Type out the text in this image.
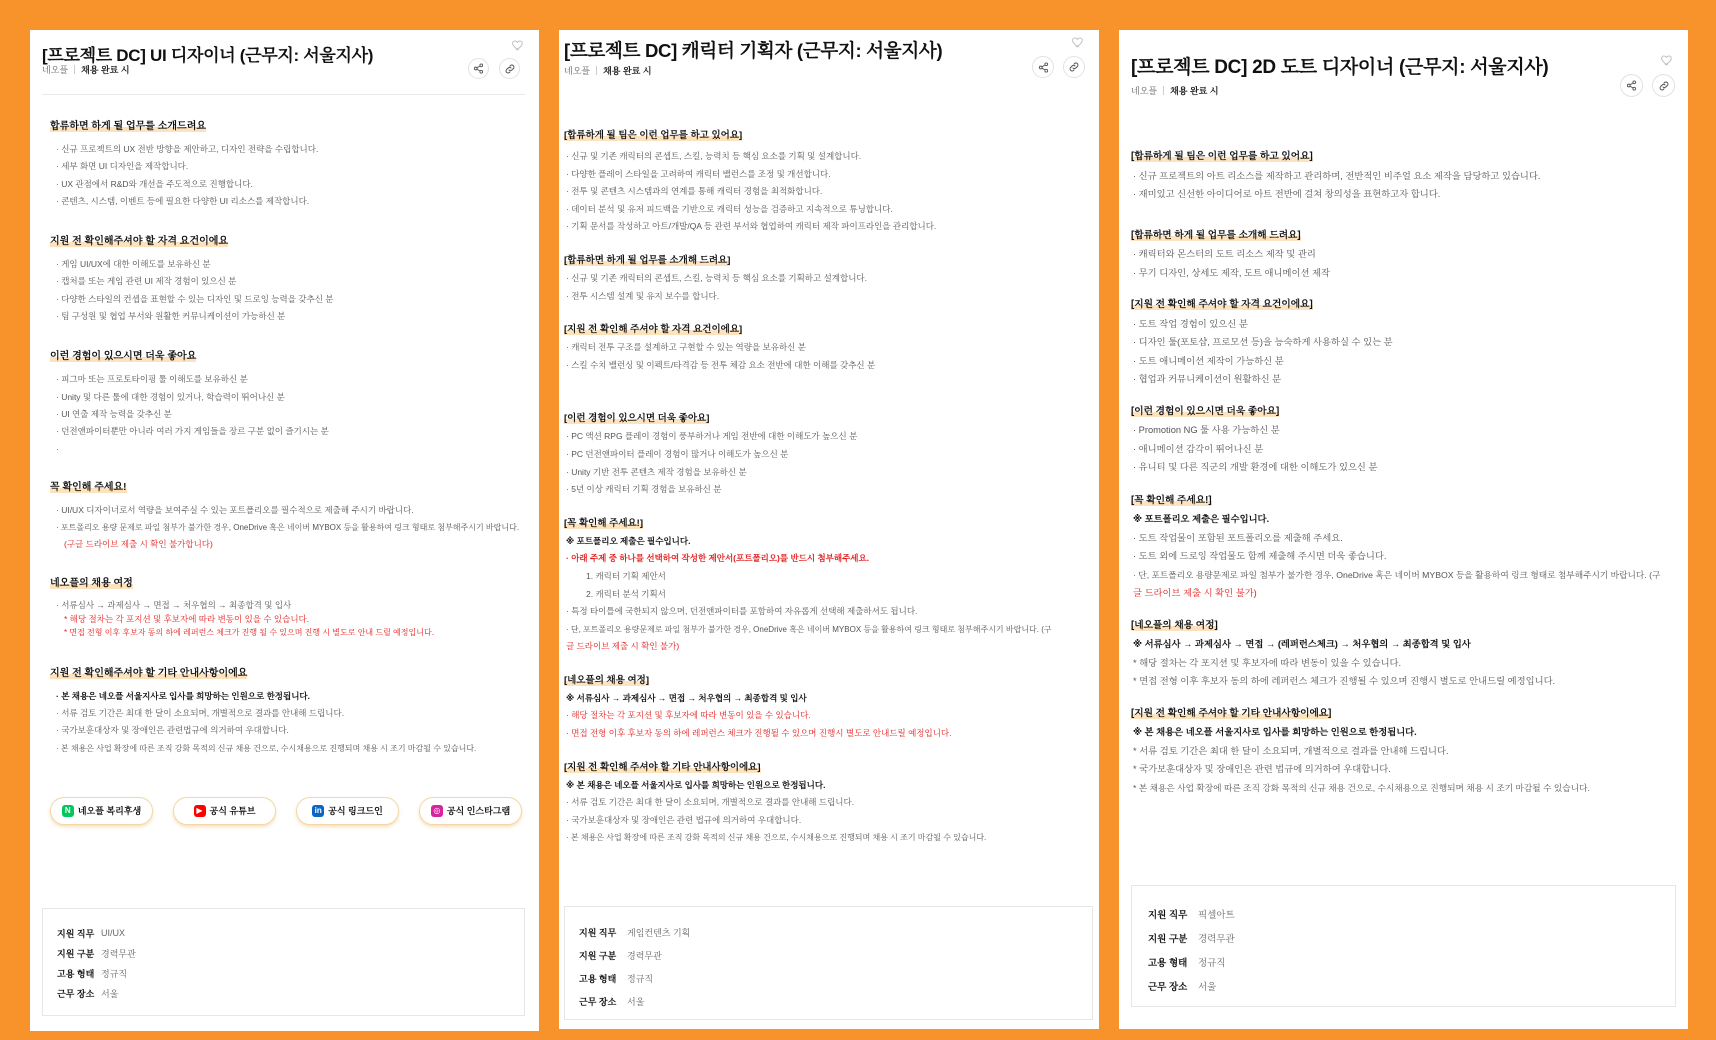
[프로젝트 DC] UI 디자이너 (근무지: 서울지사)
네오플 채용 완료 시
합류하면 하게 될 업무를 소개드려요
· 신규 프로젝트의 UX 전반 방향을 제안하고, 디자인 전략을 수립합니다.
· 세부 화면 UI 디자인을 제작합니다.
· UX 관점에서 R&D와 개선을 주도적으로 진행합니다.
· 콘텐츠, 시스템, 이벤트 등에 필요한 다양한 UI 리소스를 제작합니다.
지원 전 확인해주셔야 할 자격 요건이에요
· 게임 UI/UX에 대한 이해도를 보유하신 분
· 캡처를 또는 게임 관련 UI 제작 경험이 있으신 분
· 다양한 스타일의 컨셉을 표현할 수 있는 디자인 및 드로잉 능력을 갖추신 분
· 팀 구성원 및 협업 부서와 원활한 커뮤니케이션이 가능하신 분
이런 경험이 있으시면 더욱 좋아요
· 피그마 또는 프로토타이핑 툴 이해도를 보유하신 분
· Unity 및 다른 툴에 대한 경험이 있거나, 학습력이 뛰어나신 분
· UI 연출 제작 능력을 갖추신 분
· 던전앤파이터뿐만 아니라 여러 가지 게임들을 장르 구분 없이 즐기시는 분
·
꼭 확인해 주세요!
· UI/UX 디자이너로서 역량을 보여주실 수 있는 포트폴리오를 필수적으로 제출해 주시기 바랍니다.
· 포트폴리오 용량 문제로 파일 첨부가 불가한 경우, OneDrive 혹은 네이버 MYBOX 등을 활용하여 링크 형태로 첨부해주시기 바랍니다.
(구글 드라이브 제출 시 확인 불가합니다)
네오플의 채용 여정
· 서류심사 → 과제심사 → 면접 → 처우협의 → 최종합격 및 입사
* 해당 절차는 각 포지션 및 후보자에 따라 변동이 있을 수 있습니다.
* 면접 전형 이후 후보자 동의 하에 레퍼런스 체크가 진행 될 수 있으며 진행 시 별도로 안내 드릴 예정입니다.
지원 전 확인해주셔야 할 기타 안내사항이에요
· 본 채용은 네오플 서울지사로 입사를 희망하는 인원으로 한정됩니다.
· 서류 검토 기간은 최대 한 달이 소요되며, 개별적으로 결과를 안내해 드립니다.
· 국가보훈대상자 및 장애인은 관련법규에 의거하여 우대합니다.
· 본 채용은 사업 확장에 따른 조직 강화 목적의 신규 채용 건으로, 수시채용으로 진행되며 채용 시 조기 마감될 수 있습니다.
N 네오플 복리후생	▶ 공식 유튜브	in 공식 링크드인	◎ 공식 인스타그램
지원 직무 UI/UX
지원 구분 경력무관
고용 형태 정규직
근무 장소 서울
[프로젝트 DC] 캐릭터 기획자 (근무지: 서울지사)
네오플 채용 완료 시
[합류하게 될 팀은 이런 업무를 하고 있어요]
· 신규 및 기존 캐릭터의 콘셉트, 스킬, 능력치 등 핵심 요소를 기획 및 설계합니다.
· 다양한 플레이 스타일을 고려하여 캐릭터 밸런스를 조정 및 개선합니다.
· 전투 및 콘텐츠 시스템과의 연계를 통해 캐릭터 경험을 최적화합니다.
· 데이터 분석 및 유저 피드백을 기반으로 캐릭터 성능을 검증하고 지속적으로 튜닝합니다.
· 기획 문서를 작성하고 아트/개발/QA 등 관련 부서와 협업하여 캐릭터 제작 파이프라인을 관리합니다.
[합류하면 하게 될 업무를 소개해 드려요]
· 신규 및 기존 캐릭터의 콘셉트, 스킬, 능력치 등 핵심 요소를 기획하고 설계합니다.
· 전투 시스템 설계 및 유지 보수를 합니다.
[지원 전 확인해 주셔야 할 자격 요건이에요]
· 캐릭터 전투 구조를 설계하고 구현할 수 있는 역량을 보유하신 분
· 스킬 수치 밸런싱 및 이펙트/타격감 등 전투 체감 요소 전반에 대한 이해를 갖추신 분
[이런 경험이 있으시면 더욱 좋아요]
· PC 액션 RPG 플레이 경험이 풍부하거나 게임 전반에 대한 이해도가 높으신 분
· PC 던전앤파이터 플레이 경험이 많거나 이해도가 높으신 분
· Unity 기반 전투 콘텐츠 제작 경험을 보유하신 분
· 5년 이상 캐릭터 기획 경험을 보유하신 분
[꼭 확인해 주세요!]
※ 포트폴리오 제출은 필수입니다.
· 아래 주제 중 하나를 선택하여 작성한 제안서(포트폴리오)를 반드시 첨부해주세요.
1. 캐릭터 기획 제안서
2. 캐릭터 분석 기획서
· 특정 타이틀에 국한되지 않으며, 던전앤파이터를 포함하여 자유롭게 선택해 제출하셔도 됩니다.
· 단, 포트폴리오 용량문제로 파일 첨부가 불가한 경우, OneDrive 혹은 네이버 MYBOX 등을 활용하여 링크 형태로 첨부해주시기 바랍니다. (구
글 드라이브 제출 시 확인 불가)
[네오플의 채용 여정]
※ 서류심사 → 과제심사 → 면접 → 처우협의 → 최종합격 및 입사
· 해당 절차는 각 포지션 및 후보자에 따라 변동이 있을 수 있습니다.
· 면접 전형 이후 후보자 동의 하에 레퍼런스 체크가 진행될 수 있으며 진행시 별도로 안내드릴 예정입니다.
[지원 전 확인해 주셔야 할 기타 안내사항이에요]
※ 본 채용은 네오플 서울지사로 입사를 희망하는 인원으로 한정됩니다.
· 서류 검토 기간은 최대 한 달이 소요되며, 개별적으로 결과를 안내해 드립니다.
· 국가보훈대상자 및 장애인은 관련 법규에 의거하여 우대합니다.
· 본 채용은 사업 확장에 따른 조직 강화 목적의 신규 채용 건으로, 수시채용으로 진행되며 채용 시 조기 마감될 수 있습니다.
지원 직무	게임컨텐츠 기획
지원 구분	경력무관
고용 형태	정규직
근무 장소	서울
[프로젝트 DC] 2D 도트 디자이너 (근무지: 서울지사)
네오플 채용 완료 시
[합류하게 될 팀은 이런 업무를 하고 있어요]
· 신규 프로젝트의 아트 리소스를 제작하고 관리하며, 전반적인 비주얼 요소 제작을 담당하고 있습니다.
· 재미있고 신선한 아이디어로 아트 전반에 걸쳐 창의성을 표현하고자 합니다.
[합류하면 하게 될 업무를 소개해 드려요]
· 캐릭터와 몬스터의 도트 리소스 제작 및 관리
· 무기 디자인, 상세도 제작, 도트 애니메이션 제작
[지원 전 확인해 주셔야 할 자격 요건이에요]
· 도트 작업 경험이 있으신 분
· 디자인 툴(포토샵, 프로모션 등)을 능숙하게 사용하실 수 있는 분
· 도트 애니메이션 제작이 가능하신 분
· 협업과 커뮤니케이션이 원활하신 분
[이런 경험이 있으시면 더욱 좋아요]
· Promotion NG 툴 사용 가능하신 분
· 애니메이션 감각이 뛰어나신 분
· 유니티 및 다른 직군의 개발 환경에 대한 이해도가 있으신 분
[꼭 확인해 주세요!]
※ 포트폴리오 제출은 필수입니다.
· 도트 작업물이 포함된 포트폴리오를 제출해 주세요.
· 도트 외에 드로잉 작업물도 함께 제출해 주시면 더욱 좋습니다.
· 단, 포트폴리오 용량문제로 파일 첨부가 불가한 경우, OneDrive 혹은 네이버 MYBOX 등을 활용하여 링크 형태로 첨부해주시기 바랍니다. (구
글 드라이브 제출 시 확인 불가)
[네오플의 채용 여정]
※ 서류심사 → 과제심사 → 면접 → (레퍼런스체크) → 처우협의 → 최종합격 및 입사
* 해당 절차는 각 포지션 및 후보자에 따라 변동이 있을 수 있습니다.
* 면접 전형 이후 후보자 동의 하에 레퍼런스 체크가 진행될 수 있으며 진행시 별도로 안내드릴 예정입니다.
[지원 전 확인해 주셔야 할 기타 안내사항이에요]
※ 본 채용은 네오플 서울지사로 입사를 희망하는 인원으로 한정됩니다.
* 서류 검토 기간은 최대 한 달이 소요되며, 개별적으로 결과를 안내해 드립니다.
* 국가보훈대상자 및 장애인은 관련 법규에 의거하여 우대합니다.
* 본 채용은 사업 확장에 따른 조직 강화 목적의 신규 채용 건으로, 수시채용으로 진행되며 채용 시 조기 마감될 수 있습니다.
지원 직무	픽셀아트
지원 구분	경력무관
고용 형태	정규직
근무 장소	서울
